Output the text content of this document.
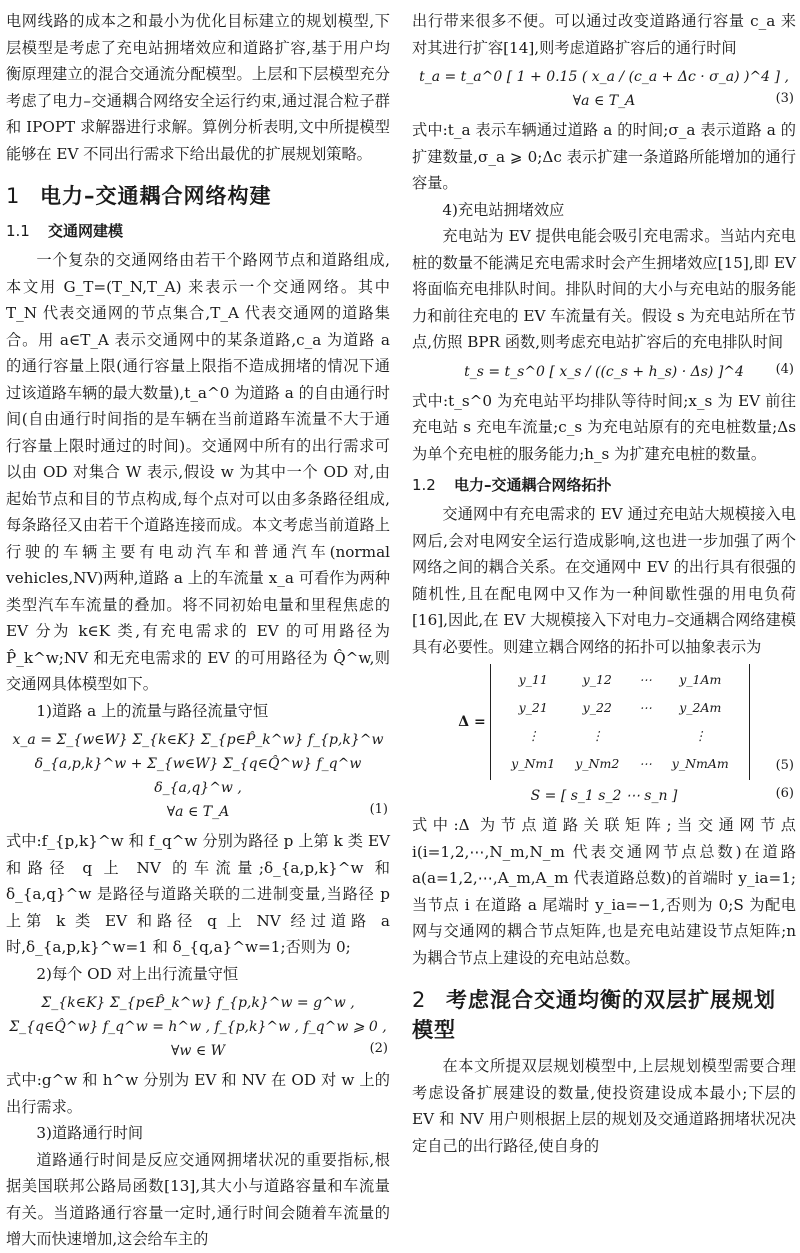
电网线路的成本之和最小为优化目标建立的规划模型,下层模型是考虑了充电站拥堵效应和道路扩容,基于用户均衡原理建立的混合交通流分配模型。上层和下层模型充分考虑了电力–交通耦合网络安全运行约束,通过混合粒子群和 IPOPT 求解器进行求解。算例分析表明,文中所提模型能够在 EV 不同出行需求下给出最优的扩展规划策略。

1 电力–交通耦合网络构建
1.1 交通网建模

一个复杂的交通网络由若干个路网节点和道路组成,本文用 G_T=(T_N,T_A) 来表示一个交通网络。其中 T_N 代表交通网的节点集合,T_A 代表交通网的道路集合。用 a∈T_A 表示交通网中的某条道路,c_a 为道路 a 的通行容量上限(通行容量上限指不造成拥堵的情况下通过该道路车辆的最大数量),t_a^0 为道路 a 的自由通行时间(自由通行时间指的是车辆在当前道路车流量不大于通行容量上限时通过的时间)。交通网中所有的出行需求可以由 OD 对集合 W 表示,假设 w 为其中一个 OD 对,由起始节点和目的节点构成,每个点对可以由多条路径组成,每条路径又由若干个道路连接而成。本文考虑当前道路上行驶的车辆主要有电动汽车和普通汽车(normal vehicles,NV)两种,道路 a 上的车流量 x_a 可看作为两种类型汽车车流量的叠加。将不同初始电量和里程焦虑的 EV 分为 k∈K 类,有充电需求的 EV 的可用路径为 P̂_k^w;NV 和无充电需求的 EV 的可用路径为 Q̂^w,则交通网具体模型如下。

1)道路 a 上的流量与路径流量守恒

x_a = Σ_{w∈W} Σ_{k∈K} Σ_{p∈P̂_k^w} f_{p,k}^w δ_{a,p,k}^w + Σ_{w∈W} Σ_{q∈Q̂^w} f_q^w δ_{a,q}^w ,
∀a ∈ T_A	(1)

式中:f_{p,k}^w 和 f_q^w 分别为路径 p 上第 k 类 EV 和路径 q 上 NV 的车流量;δ_{a,p,k}^w 和 δ_{a,q}^w 是路径与道路关联的二进制变量,当路径 p 上第 k 类 EV 和路径 q 上 NV 经过道路 a 时,δ_{a,p,k}^w=1 和 δ_{q,a}^w=1;否则为 0;

2)每个 OD 对上出行流量守恒

Σ_{k∈K} Σ_{p∈P̂_k^w} f_{p,k}^w = g^w , Σ_{q∈Q̂^w} f_q^w = h^w , f_{p,k}^w , f_q^w ⩾ 0 ,
∀w ∈ W	(2)

式中:g^w 和 h^w 分别为 EV 和 NV 在 OD 对 w 上的出行需求。

3)道路通行时间

道路通行时间是反应交通网拥堵状况的重要指标,根据美国联邦公路局函数[13],其大小与道路容量和车流量有关。当道路通行容量一定时,通行时间会随着车流量的增大而快速增加,这会给车主的

出行带来很多不便。可以通过改变道路通行容量 c_a 来对其进行扩容[14],则考虑道路扩容后的通行时间

t_a = t_a^0 [ 1 + 0.15 ( x_a / (c_a + Δc · σ_a) )^4 ] , ∀a ∈ T_A	(3)

式中:t_a 表示车辆通过道路 a 的时间;σ_a 表示道路 a 的扩建数量,σ_a ⩾ 0;Δc 表示扩建一条道路所能增加的通行容量。

4)充电站拥堵效应

充电站为 EV 提供电能会吸引充电需求。当站内充电桩的数量不能满足充电需求时会产生拥堵效应[15],即 EV 将面临充电排队时间。排队时间的大小与充电站的服务能力和前往充电的 EV 车流量有关。假设 s 为充电站所在节点,仿照 BPR 函数,则考虑充电站扩容后的充电排队时间

t_s = t_s^0 [ x_s / ((c_s + h_s) · Δs) ]^4 (4)

式中:t_s^0 为充电站平均排队等待时间;x_s 为 EV 前往充电站 s 充电车流量;c_s 为充电站原有的充电桩数量;Δs 为单个充电桩的服务能力;h_s 为扩建充电桩的数量。

1.2 电力–交通耦合网络拓扑

交通网中有充电需求的 EV 通过充电站大规模接入电网后,会对电网安全运行造成影响,这也进一步加强了两个网络之间的耦合关系。在交通网中 EV 的出行具有很强的随机性,且在配电网中又作为一种间歇性强的用电负荷[16],因此,在 EV 大规模接入下对电力–交通耦合网络建模具有必要性。则建立耦合网络的拓扑可以抽象表示为

Δ =
y_11	y_12	⋯	y_1Am
y_21	y_22	⋯	y_2Am
⋮	⋮		⋮
y_Nm1	y_Nm2	⋯	y_NmAm	(5)
S = [ s_1 s_2 ⋯ s_n ]	(6)

式中:Δ 为节点道路关联矩阵;当交通网节点 i(i=1,2,⋯,N_m,N_m 代表交通网节点总数)在道路 a(a=1,2,⋯,A_m,A_m 代表道路总数)的首端时 y_ia=1;当节点 i 在道路 a 尾端时 y_ia=−1,否则为 0;S 为配电网与交通网的耦合节点矩阵,也是充电站建设节点矩阵;n 为耦合节点上建设的充电站总数。

2 考虑混合交通均衡的双层扩展规划模型

在本文所提双层规划模型中,上层规划模型需要合理考虑设备扩展建设的数量,使投资建设成本最小;下层的 EV 和 NV 用户则根据上层的规划及交通道路拥堵状况决定自己的出行路径,使自身的
